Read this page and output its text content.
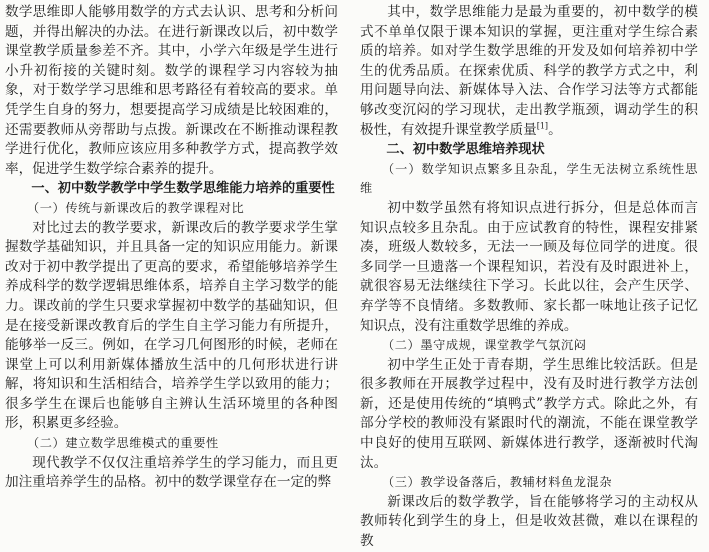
数学思维即人能够用数学的方式去认识、思考和分析问题，并得出解决的办法。在进行新课改以后，初中数学课堂教学质量参差不齐。其中，小学六年级是学生进行小升初衔接的关键时刻。数学的课程学习内容较为抽象，对于数学学习思维和思考路径有着较高的要求。单凭学生自身的努力，想要提高学习成绩是比较困难的，还需要教师从旁帮助与点拨。新课改在不断推动课程教学进行优化，教师应该应用多种教学方式，提高教学效率，促进学生数学综合素养的提升。

一、初中数学教学中学生数学思维能力培养的重要性

（一）传统与新课改后的教学课程对比

对比过去的教学要求，新课改后的教学要求学生掌握数学基础知识，并且具备一定的知识应用能力。新课改对于初中教学提出了更高的要求，希望能够培养学生养成科学的数学逻辑思维体系，培养自主学习数学的能力。课改前的学生只要求掌握初中数学的基础知识，但是在接受新课改教育后的学生自主学习能力有所提升，能够举一反三。例如，在学习几何图形的时候，老师在课堂上可以利用新媒体播放生活中的几何形状进行讲解，将知识和生活相结合，培养学生学以致用的能力；很多学生在课后也能够自主辨认生活环境里的各种图形，积累更多经验。

（二）建立数学思维模式的重要性

现代教学不仅仅注重培养学生的学习能力，而且更加注重培养学生的品格。初中的数学课堂存在一定的弊

其中，数学思维能力是最为重要的，初中数学的模式不单单仅限于课本知识的掌握，更注重对学生综合素质的培养。如对学生数学思维的开发及如何培养初中学生的优秀品质。在探索优质、科学的教学方式之中，利用问题导向法、新媒体导入法、合作学习法等方式都能够改变沉闷的学习现状，走出教学瓶颈，调动学生的积极性，有效提升课堂教学质量[1]。

二、初中数学思维培养现状

（一）数学知识点繁多且杂乱，学生无法树立系统性思维

初中数学虽然有将知识点进行拆分，但是总体而言知识点较多且杂乱。由于应试教育的特性，课程安排紧凑，班级人数较多，无法一一顾及每位同学的进度。很多同学一旦遗落一个课程知识，若没有及时跟进补上，就很容易无法继续往下学习。长此以往，会产生厌学、弃学等不良情绪。多数教师、家长都一味地让孩子记忆知识点，没有注重数学思维的养成。

（二）墨守成规，课堂教学气氛沉闷

初中学生正处于青春期，学生思维比较活跃。但是很多教师在开展教学过程中，没有及时进行教学方法创新，还是使用传统的“填鸭式”教学方式。除此之外，有部分学校的教师没有紧跟时代的潮流，不能在课堂教学中良好的使用互联网、新媒体进行教学，逐渐被时代淘汰。

（三）教学设备落后，教辅材料鱼龙混杂

新课改后的数学教学，旨在能够将学习的主动权从教师转化到学生的身上，但是收效甚微，难以在课程的教
